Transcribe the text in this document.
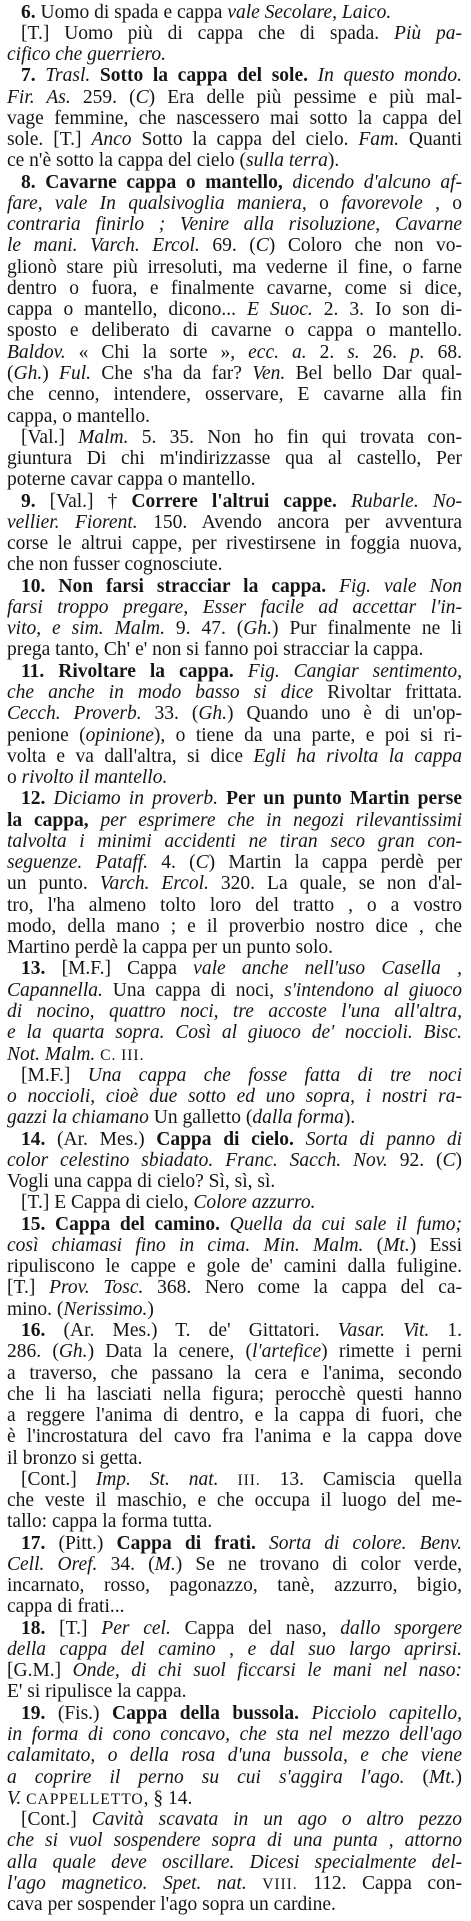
6. Uomo di spada e cappa vale Secolare, Laico.
[T.] Uomo più di cappa che di spada. Più pa-
cifico che guerriero.
7. Trasl. Sotto la cappa del sole. In questo mondo.
Fir. As. 259. (C) Era delle più pessime e più mal-
vage femmine, che nascessero mai sotto la cappa del
sole. [T.] Anco Sotto la cappa del cielo. Fam. Quanti
ce n'è sotto la cappa del cielo (sulla terra).
8. Cavarne cappa o mantello, dicendo d'alcuno af-
fare, vale In qualsivoglia maniera, o favorevole , o
contraria finirlo ; Venire alla risoluzione, Cavarne
le mani. Varch. Ercol. 69. (C) Coloro che non vo-
glionò stare più irresoluti, ma vederne il fine, o farne
dentro o fuora, e finalmente cavarne, come si dice,
cappa o mantello, dicono... E Suoc. 2. 3. Io son di-
sposto e deliberato di cavarne o cappa o mantello.
Baldov. « Chi la sorte », ecc. a. 2. s. 26. p. 68.
(Gh.) Ful. Che s'ha da far? Ven. Bel bello Dar qual-
che cenno, intendere, osservare, E cavarne alla fin
cappa, o mantello.
[Val.] Malm. 5. 35. Non ho fin qui trovata con-
giuntura Di chi m'indirizzasse qua al castello, Per
poterne cavar cappa o mantello.
9. [Val.] † Correre l'altrui cappe. Rubarle. No-
vellier. Fiorent. 150. Avendo ancora per avventura
corse le altrui cappe, per rivestirsene in foggia nuova,
che non fusser cognosciute.
10. Non farsi stracciar la cappa. Fig. vale Non
farsi troppo pregare, Esser facile ad accettar l'in-
vito, e sim. Malm. 9. 47. (Gh.) Pur finalmente ne li
prega tanto, Ch' e' non si fanno poi stracciar la cappa.
11. Rivoltare la cappa. Fig. Cangiar sentimento,
che anche in modo basso si dice Rivoltar frittata.
Cecch. Proverb. 33. (Gh.) Quando uno è di un'op-
penione (opinione), o tiene da una parte, e poi si ri-
volta e va dall'altra, si dice Egli ha rivolta la cappa
o rivolto il mantello.
12. Diciamo in proverb. Per un punto Martin perse
la cappa, per esprimere che in negozi rilevantissimi
talvolta i minimi accidenti ne tiran seco gran con-
seguenze. Pataff. 4. (C) Martin la cappa perdè per
un punto. Varch. Ercol. 320. La quale, se non d'al-
tro, l'ha almeno tolto loro del tratto , o a vostro
modo, della mano ; e il proverbio nostro dice , che
Martino perdè la cappa per un punto solo.
13. [M.F.] Cappa vale anche nell'uso Casella ,
Capannella. Una cappa di noci, s'intendono al giuoco
di nocino, quattro noci, tre accoste l'una all'altra,
e la quarta sopra. Così al giuoco de' noccioli. Bisc.
Not. Malm. C. III.
[M.F.] Una cappa che fosse fatta di tre noci
o noccioli, cioè due sotto ed uno sopra, i nostri ra-
gazzi la chiamano Un galletto (dalla forma).
14. (Ar. Mes.) Cappa di cielo. Sorta di panno di
color celestino sbiadato. Franc. Sacch. Nov. 92. (C)
Vogli una cappa di cielo? Sì, sì, sì.
[T.] E Cappa di cielo, Colore azzurro.
15. Cappa del camino. Quella da cui sale il fumo;
così chiamasi fino in cima. Min. Malm. (Mt.) Essi
ripuliscono le cappe e gole de' camini dalla fuligine.
[T.] Prov. Tosc. 368. Nero come la cappa del ca-
mino. (Nerissimo.)
16. (Ar. Mes.) T. de' Gittatori. Vasar. Vit. 1.
286. (Gh.) Data la cenere, (l'artefice) rimette i perni
a traverso, che passano la cera e l'anima, secondo
che li ha lasciati nella figura; perocchè questi hanno
a reggere l'anima di dentro, e la cappa di fuori, che
è l'incrostatura del cavo fra l'anima e la cappa dove
il bronzo si getta.
[Cont.] Imp. St. nat. III. 13. Camiscia quella
che veste il maschio, e che occupa il luogo del me-
tallo: cappa la forma tutta.
17. (Pitt.) Cappa di frati. Sorta di colore. Benv.
Cell. Oref. 34. (M.) Se ne trovano di color verde,
incarnato, rosso, pagonazzo, tanè, azzurro, bigio,
cappa di frati...
18. [T.] Per cel. Cappa del naso, dallo sporgere
della cappa del camino , e dal suo largo aprirsi.
[G.M.] Onde, di chi suol ficcarsi le mani nel naso:
E' si ripulisce la cappa.
19. (Fis.) Cappa della bussola. Picciolo capitello,
in forma di cono concavo, che sta nel mezzo dell'ago
calamitato, o della rosa d'una bussola, e che viene
a coprire il perno su cui s'aggira l'ago. (Mt.)
V. CAPPELLETTO, § 14.
[Cont.] Cavità scavata in un ago o altro pezzo
che si vuol sospendere sopra di una punta , attorno
alla quale deve oscillare. Dicesi specialmente del-
l'ago magnetico. Spet. nat. VIII. 112. Cappa con-
cava per sospender l'ago sopra un cardine.
